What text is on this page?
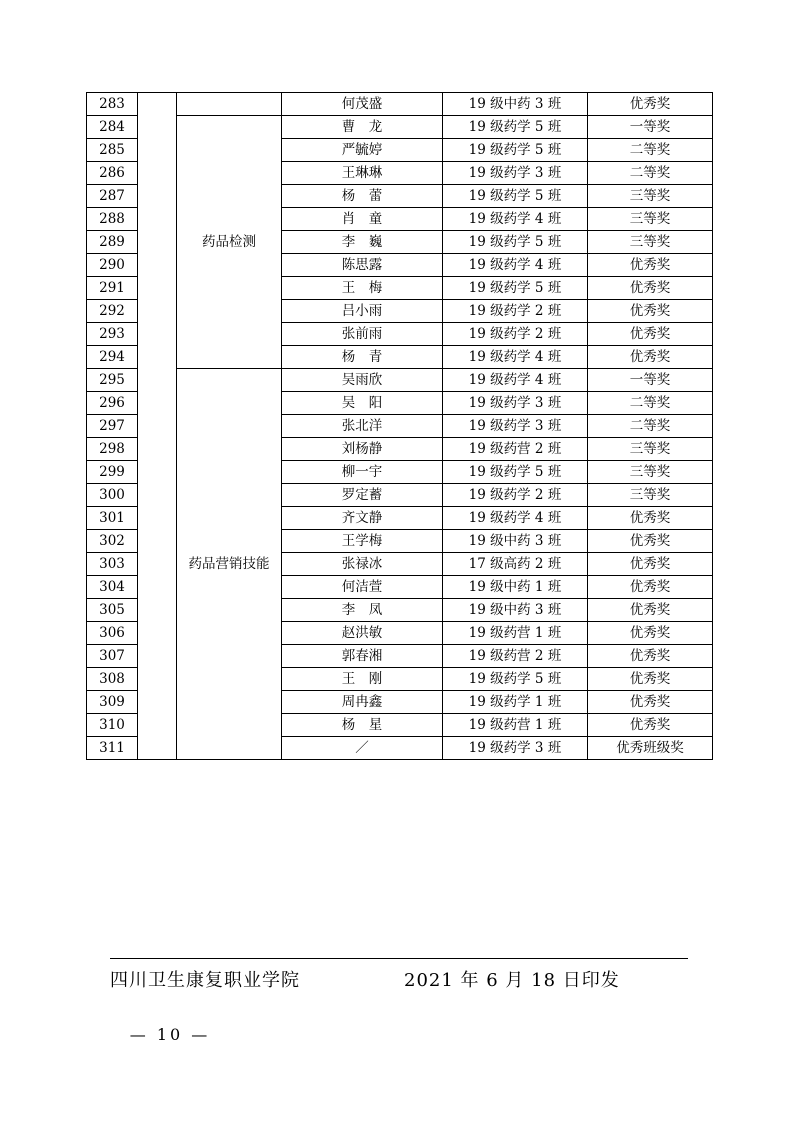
283			何茂盛	19 级中药 3 班	优秀奖
284		药品检测	曹　龙	19 级药学 5 班	一等奖
285			严毓婷	19 级药学 5 班	二等奖
286			王琳琳	19 级药学 3 班	二等奖
287			杨　蕾	19 级药学 5 班	三等奖
288			肖　童	19 级药学 4 班	三等奖
289			李　巍	19 级药学 5 班	三等奖
290			陈思露	19 级药学 4 班	优秀奖
291			王　梅	19 级药学 5 班	优秀奖
292			吕小雨	19 级药学 2 班	优秀奖
293			张前雨	19 级药学 2 班	优秀奖
294			杨　青	19 级药学 4 班	优秀奖
295		药品营销技能	吴雨欣	19 级药学 4 班	一等奖
296			吴　阳	19 级药学 3 班	二等奖
297			张北洋	19 级药学 3 班	二等奖
298			刘杨静	19 级药营 2 班	三等奖
299			柳一宇	19 级药学 5 班	三等奖
300			罗定蓄	19 级药学 2 班	三等奖
301			齐文静	19 级药学 4 班	优秀奖
302			王学梅	19 级中药 3 班	优秀奖
303			张禄冰	17 级高药 2 班	优秀奖
304			何洁萱	19 级中药 1 班	优秀奖
305			李　凤	19 级中药 3 班	优秀奖
306			赵洪敏	19 级药营 1 班	优秀奖
307			郭春湘	19 级药营 2 班	优秀奖
308			王　刚	19 级药学 5 班	优秀奖
309			周冉鑫	19 级药学 1 班	优秀奖
310			杨　星	19 级药营 1 班	优秀奖
311			／	19 级药学 3 班	优秀班级奖
四川卫生康复职业学院	2021 年 6 月 18 日印发
— 10 —
